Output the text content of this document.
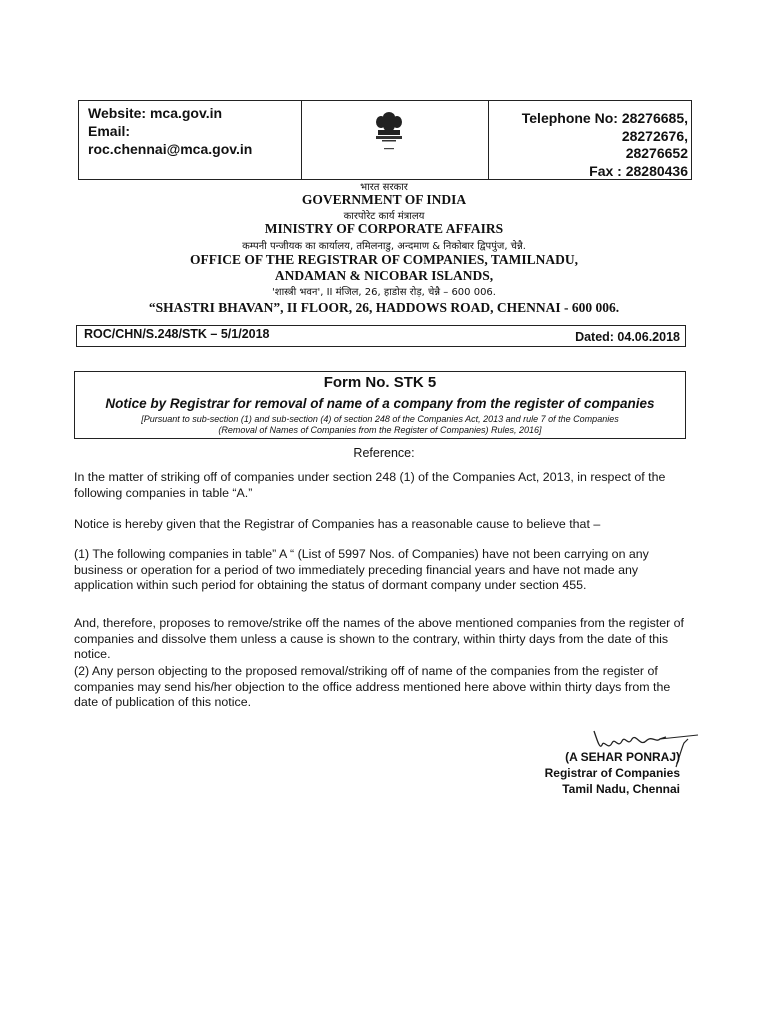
Website: mca.gov.in
Email:
roc.chennai@mca.gov.in
Telephone No: 28276685,
28272676,
28276652
Fax : 28280436
भारत सरकार
GOVERNMENT OF INDIA
कारपोरेट कार्य मंत्रालय
MINISTRY OF CORPORATE AFFAIRS
कम्पनी पन्जीयक का कार्यालय, तमिलनाडु, अन्दमाण & निकोबार द्विपपुंज, चेन्नै.
OFFICE OF THE REGISTRAR OF COMPANIES, TAMILNADU,
ANDAMAN & NICOBAR ISLANDS,
'शास्त्री भवन', II मंजिल, 26, हाडोस रोड़, चेन्नै – 600 006.
“SHASTRI BHAVAN”, II FLOOR, 26, HADDOWS ROAD, CHENNAI - 600 006.
ROC/CHN/S.248/STK – 5/1/2018	Dated: 04.06.2018
Form No. STK 5
Notice by Registrar for removal of name of a company from the register of companies
[Pursuant to sub-section (1) and sub-section (4) of section 248 of the Companies Act, 2013 and rule 7 of the Companies
(Removal of Names of Companies from the Register of Companies) Rules, 2016]
Reference:
In the matter of striking off of companies under section 248 (1) of the Companies Act, 2013, in respect of the following companies in table “A.”
Notice is hereby given that the Registrar of Companies has a reasonable cause to believe that –
(1) The following companies in table” A “ (List of 5997 Nos. of Companies) have not been carrying on any business or operation for a period of two immediately preceding financial years and have not made any application within such period for obtaining the status of dormant company under section 455.
And, therefore, proposes to remove/strike off the names of the above mentioned companies from the register of companies and dissolve them unless a cause is shown to the contrary, within thirty days from the date of this notice.
(2) Any person objecting to the proposed removal/striking off of name of the companies from the register of companies may send his/her objection to the office address mentioned here above within thirty days from the date of publication of this notice.
(A SEHAR PONRAJ)
Registrar of Companies
Tamil Nadu, Chennai
